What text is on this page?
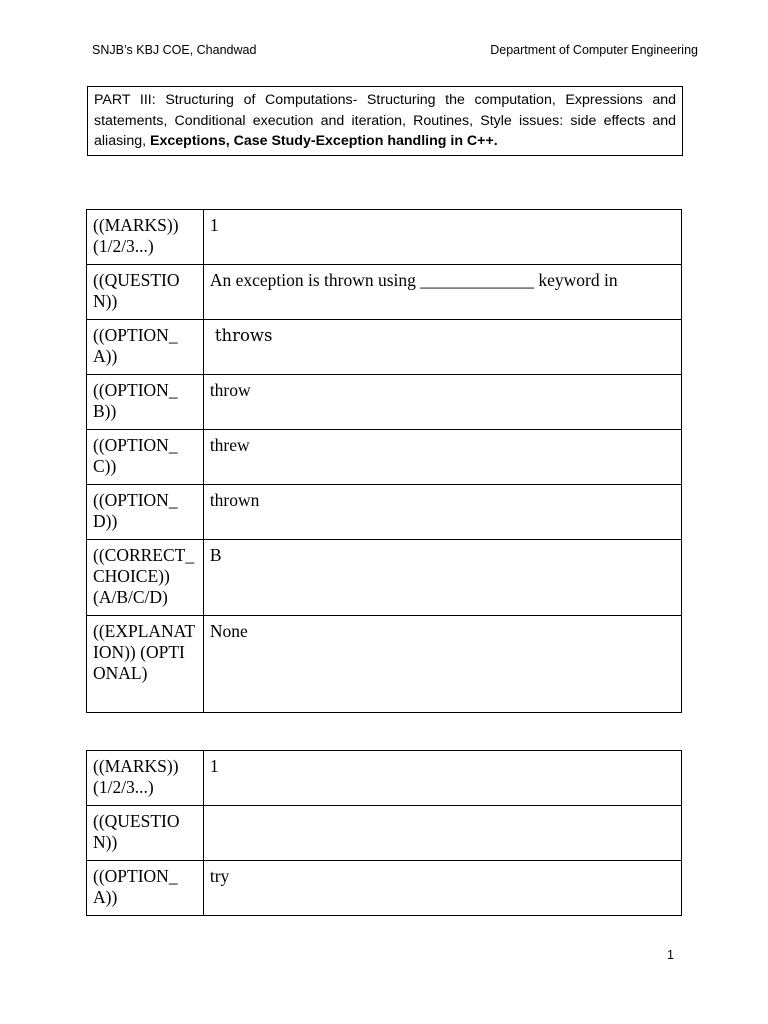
SNJB’s KBJ COE, Chandwad	Department of Computer Engineering
PART III: Structuring of Computations- Structuring the computation, Expressions and statements, Conditional execution and iteration, Routines, Style issues: side effects and aliasing, Exceptions, Case Study-Exception handling in C++.
((MARKS)) (1/2/3...)	1
((QUESTION))	An exception is thrown using _____________ keyword in
((OPTION_A))	throws
((OPTION_B))	throw
((OPTION_C))	threw
((OPTION_D))	thrown
((CORRECT_CHOICE)) (A/B/C/D)	B
((EXPLANATION)) (OPTIONAL)	None
((MARKS)) (1/2/3...)	1
((QUESTION))	
((OPTION_A))	try
1
